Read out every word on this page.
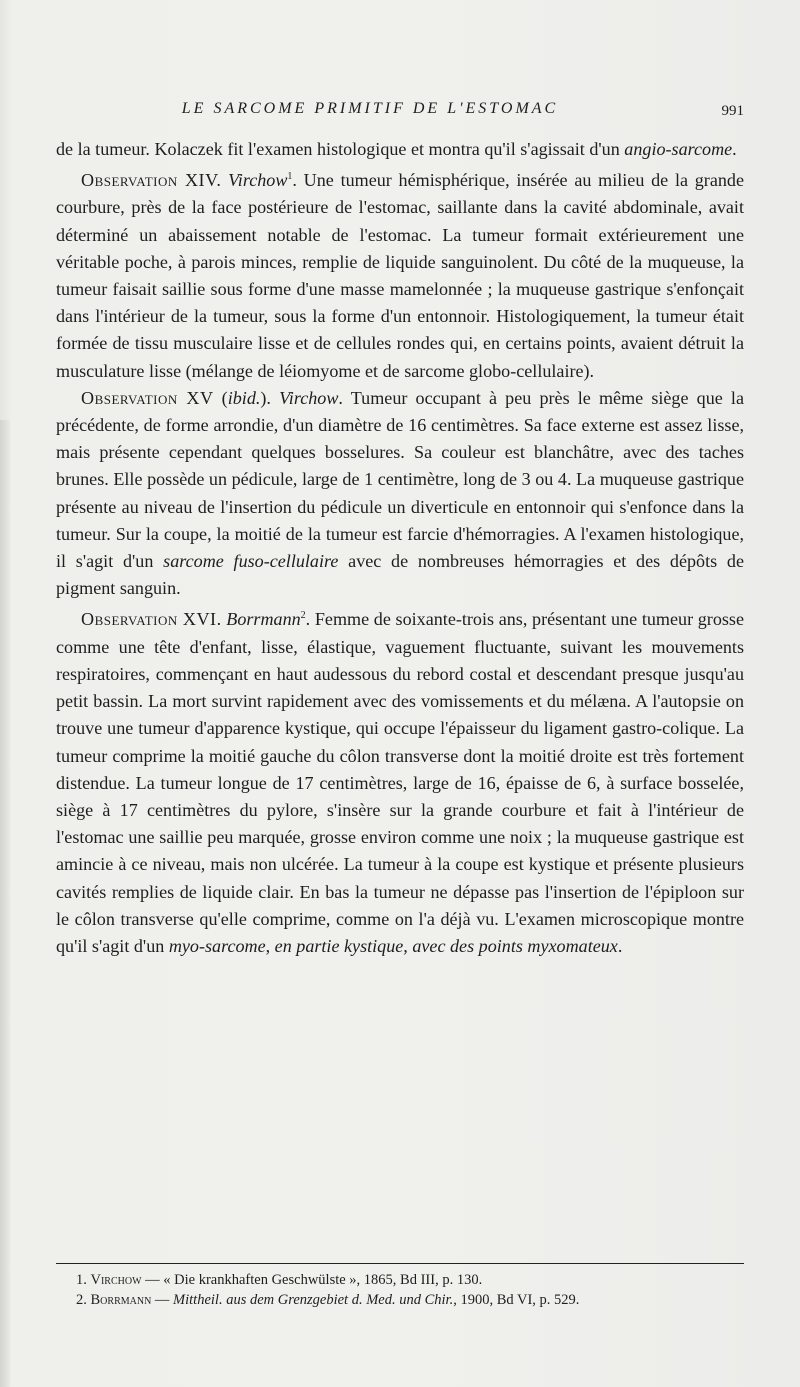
LE SARCOME PRIMITIF DE L'ESTOMAC	991

de la tumeur. Kolaczek fit l'examen histologique et montra qu'il s'agissait d'un angio-sarcome.

Observation XIV. Virchow$^1$. Une tumeur hémisphérique, insérée au milieu de la grande courbure, près de la face postérieure de l'estomac, saillante dans la cavité abdominale, avait déterminé un abaissement notable de l'estomac. La tumeur formait extérieurement une véritable poche, à parois minces, remplie de liquide sanguinolent. Du côté de la muqueuse, la tumeur faisait saillie sous forme d'une masse mamelonnée ; la muqueuse gastrique s'enfonçait dans l'intérieur de la tumeur, sous la forme d'un entonnoir. Histologiquement, la tumeur était formée de tissu musculaire lisse et de cellules rondes qui, en certains points, avaient détruit la musculature lisse (mélange de léiomyome et de sarcome globo-cellulaire).

Observation XV (ibid.). Virchow. Tumeur occupant à peu près le même siège que la précédente, de forme arrondie, d'un diamètre de 16 centimètres. Sa face externe est assez lisse, mais présente cependant quelques bosselures. Sa couleur est blanchâtre, avec des taches brunes. Elle possède un pédicule, large de 1 centimètre, long de 3 ou 4. La muqueuse gastrique présente au niveau de l'insertion du pédicule un diverticule en entonnoir qui s'enfonce dans la tumeur. Sur la coupe, la moitié de la tumeur est farcie d'hémorragies. A l'examen histologique, il s'agit d'un sarcome fuso-cellulaire avec de nombreuses hémorragies et des dépôts de pigment sanguin.

Observation XVI. Borrmann$^2$. Femme de soixante-trois ans, présentant une tumeur grosse comme une tête d'enfant, lisse, élastique, vaguement fluctuante, suivant les mouvements respiratoires, commençant en haut audessous du rebord costal et descendant presque jusqu'au petit bassin. La mort survint rapidement avec des vomissements et du mélæna. A l'autopsie on trouve une tumeur d'apparence kystique, qui occupe l'épaisseur du ligament gastro-colique. La tumeur comprime la moitié gauche du côlon transverse dont la moitié droite est très fortement distendue. La tumeur longue de 17 centimètres, large de 16, épaisse de 6, à surface bosselée, siège à 17 centimètres du pylore, s'insère sur la grande courbure et fait à l'intérieur de l'estomac une saillie peu marquée, grosse environ comme une noix ; la muqueuse gastrique est amincie à ce niveau, mais non ulcérée. La tumeur à la coupe est kystique et présente plusieurs cavités remplies de liquide clair. En bas la tumeur ne dépasse pas l'insertion de l'épiploon sur le côlon transverse qu'elle comprime, comme on l'a déjà vu. L'examen microscopique montre qu'il s'agit d'un myo-sarcome, en partie kystique, avec des points myxomateux.

1. Virchow — « Die krankhaften Geschwülste », 1865, Bd III, p. 130.
2. Borrmann — Mittheil. aus dem Grenzgebiet d. Med. und Chir., 1900, Bd VI, p. 529.
